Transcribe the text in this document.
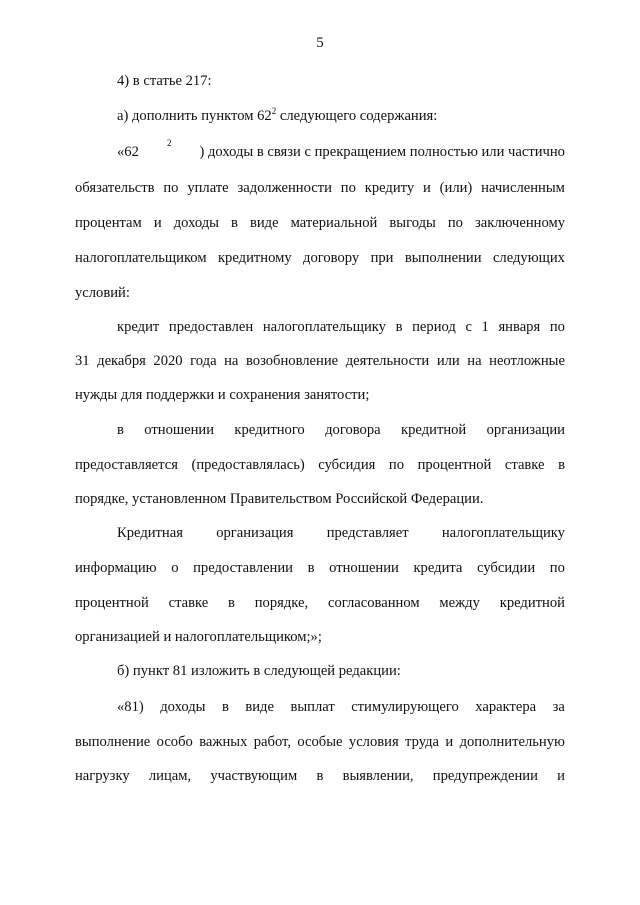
5
4) в статье 217:
а) дополнить пунктом $62^2$ следующего содержания:
«62
2
) доходы в связи с прекращением полностью или частично
обязательств по уплате задолженности по кредиту и (или) начисленным
процентам и доходы в виде материальной выгоды по заключенному
налогоплательщиком кредитному договору при выполнении следующих
условий:
кредит предоставлен налогоплательщику в период с 1 января по
31 декабря 2020 года на возобновление деятельности или на неотложные
нужды для поддержки и сохранения занятости;
в отношении кредитного договора кредитной организации
предоставляется (предоставлялась) субсидия по процентной ставке в
порядке, установленном Правительством Российской Федерации.
Кредитная организация представляет налогоплательщику
информацию о предоставлении в отношении кредита субсидии по
процентной ставке в порядке, согласованном между кредитной
организацией и налогоплательщиком;»;
б) пункт 81 изложить в следующей редакции:
«81) доходы в виде выплат стимулирующего характера за
выполнение особо важных работ, особые условия труда и дополнительную
нагрузку лицам, участвующим в выявлении, предупреждении и
